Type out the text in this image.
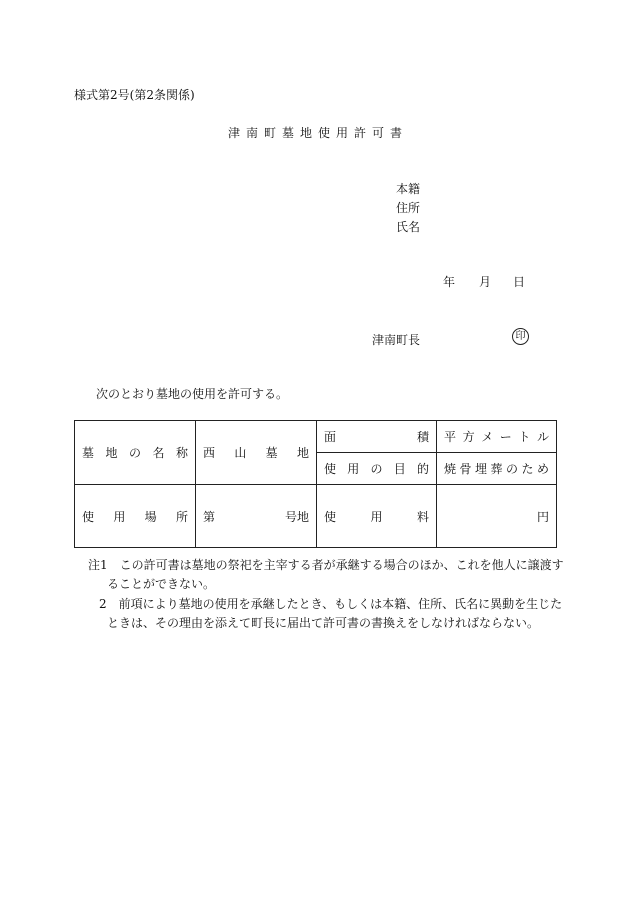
様式第2号(第2条関係)
津南町墓地使用許可書
本籍
住所
氏名
年 月 日
津南町長	印
次のとおり墓地の使用を許可する。
墓地の名称	西山墓地	面積	平方メートル
		使用の目的	焼骨埋葬のため
使用場所	第 号地	使用料	円
注1　この許可書は墓地の祭祀を主宰する者が承継する場合のほか、これを他人に譲渡す
ることができない。
2　前項により墓地の使用を承継したとき、もしくは本籍、住所、氏名に異動を生じた
ときは、その理由を添えて町長に届出て許可書の書換えをしなければならない。
